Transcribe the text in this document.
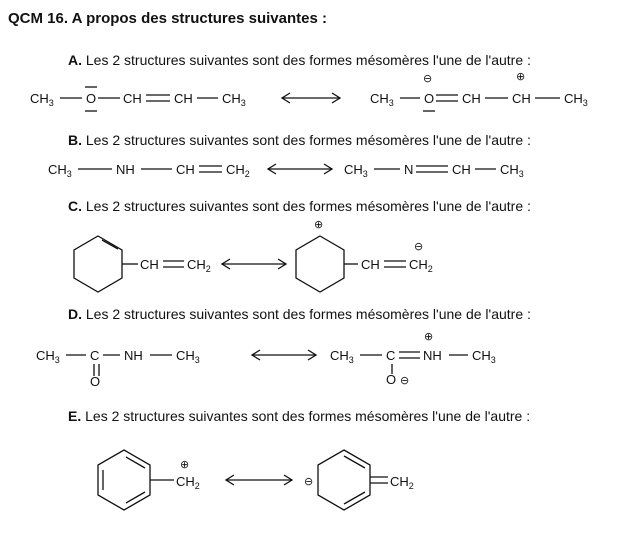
QCM 16. A propos des structures suivantes :
A. Les 2 structures suivantes sont des formes mésomères l'une de l'autre :
$CH_3$ O CH CH $CH_3$	$CH_3$ O
⊖
CH CH
⊕
$CH_3$
B. Les 2 structures suivantes sont des formes mésomères l'une de l'autre :
$CH_3$	NH	CH $CH_2$	$CH_3$	N	CH $CH_3$
C. Les 2 structures suivantes sont des formes mésomères l'une de l'autre :
CH $CH_2$
⊕
CH $CH_2$
⊖
D. Les 2 structures suivantes sont des formes mésomères l'une de l'autre :
$CH_3$ C
O
NH	$CH_3$	$CH_3$ C
O ⊖
NH
⊕
$CH_3$
E. Les 2 structures suivantes sont des formes mésomères l'une de l'autre :
$CH_2$
⊕
⊖	$CH_2$
